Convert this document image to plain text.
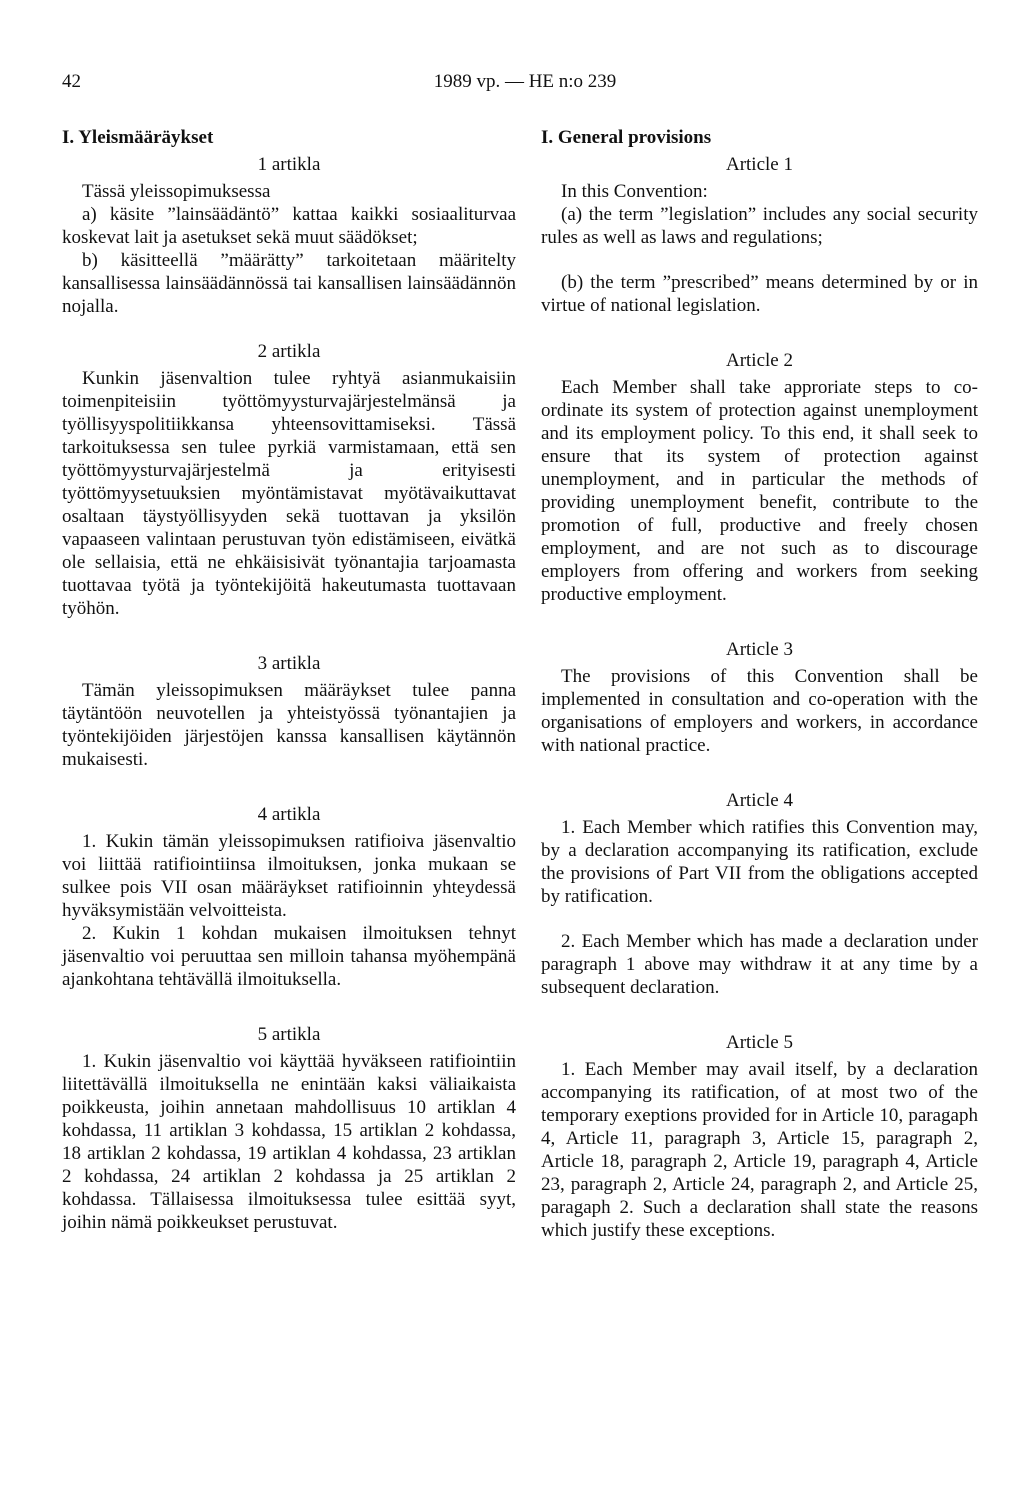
42	1989 vp. — HE n:o 239

I. Yleismääräykset

1 artikla

Tässä yleissopimuksessa

a) käsite ”lainsäädäntö” kattaa kaikki sosiaaliturvaa koskevat lait ja asetukset sekä muut säädökset;

b) käsitteellä ”määrätty” tarkoitetaan määritelty kansallisessa lainsäädännössä tai kansallisen lainsäädännön nojalla.

2 artikla

Kunkin jäsenvaltion tulee ryhtyä asianmukaisiin toimenpiteisiin työttömyysturvajärjestelmänsä ja työllisyyspolitiikkansa yhteensovittamiseksi. Tässä tarkoituksessa sen tulee pyrkiä varmistamaan, että sen työttömyysturvajärjestelmä ja erityisesti työttömyysetuuksien myöntämistavat myötävaikuttavat osaltaan täystyöllisyyden sekä tuottavan ja yksilön vapaaseen valintaan perustuvan työn edistämiseen, eivätkä ole sellaisia, että ne ehkäisisivät työnantajia tarjoamasta tuottavaa työtä ja työntekijöitä hakeutumasta tuottavaan työhön.

3 artikla

Tämän yleissopimuksen määräykset tulee panna täytäntöön neuvotellen ja yhteistyössä työnantajien ja työntekijöiden järjestöjen kanssa kansallisen käytännön mukaisesti.

4 artikla

1. Kukin tämän yleissopimuksen ratifioiva jäsenvaltio voi liittää ratifiointiinsa ilmoituksen, jonka mukaan se sulkee pois VII osan määräykset ratifioinnin yhteydessä hyväksymistään velvoitteista.

2. Kukin 1 kohdan mukaisen ilmoituksen tehnyt jäsenvaltio voi peruuttaa sen milloin tahansa myöhempänä ajankohtana tehtävällä ilmoituksella.

5 artikla

1. Kukin jäsenvaltio voi käyttää hyväkseen ratifiointiin liitettävällä ilmoituksella ne enintään kaksi väliaikaista poikkeusta, joihin annetaan mahdollisuus 10 artiklan 4 kohdassa, 11 artiklan 3 kohdassa, 15 artiklan 2 kohdassa, 18 artiklan 2 kohdassa, 19 artiklan 4 kohdassa, 23 artiklan 2 kohdassa, 24 artiklan 2 kohdassa ja 25 artiklan 2 kohdassa. Tällaisessa ilmoituksessa tulee esittää syyt, joihin nämä poikkeukset perustuvat.

I. General provisions

Article 1

In this Convention:

(a) the term ”legislation” includes any social security rules as well as laws and regulations;

(b) the term ”prescribed” means determined by or in virtue of national legislation.

Article 2

Each Member shall take approriate steps to co-ordinate its system of protection against unemployment and its employment policy. To this end, it shall seek to ensure that its system of protection against unemployment, and in particular the methods of providing unemployment benefit, contribute to the promotion of full, productive and freely chosen employment, and are not such as to discourage employers from offering and workers from seeking productive employment.

Article 3

The provisions of this Convention shall be implemented in consultation and co-operation with the organisations of employers and workers, in accordance with national practice.

Article 4

1. Each Member which ratifies this Convention may, by a declaration accompanying its ratification, exclude the provisions of Part VII from the obligations accepted by ratification.

2. Each Member which has made a declaration under paragraph 1 above may withdraw it at any time by a subsequent declaration.

Article 5

1. Each Member may avail itself, by a declaration accompanying its ratification, of at most two of the temporary exeptions provided for in Article 10, paragaph 4, Article 11, paragraph 3, Article 15, paragraph 2, Article 18, paragraph 2, Article 19, paragraph 4, Article 23, paragraph 2, Article 24, paragraph 2, and Article 25, paragaph 2. Such a declaration shall state the reasons which justify these exceptions.
